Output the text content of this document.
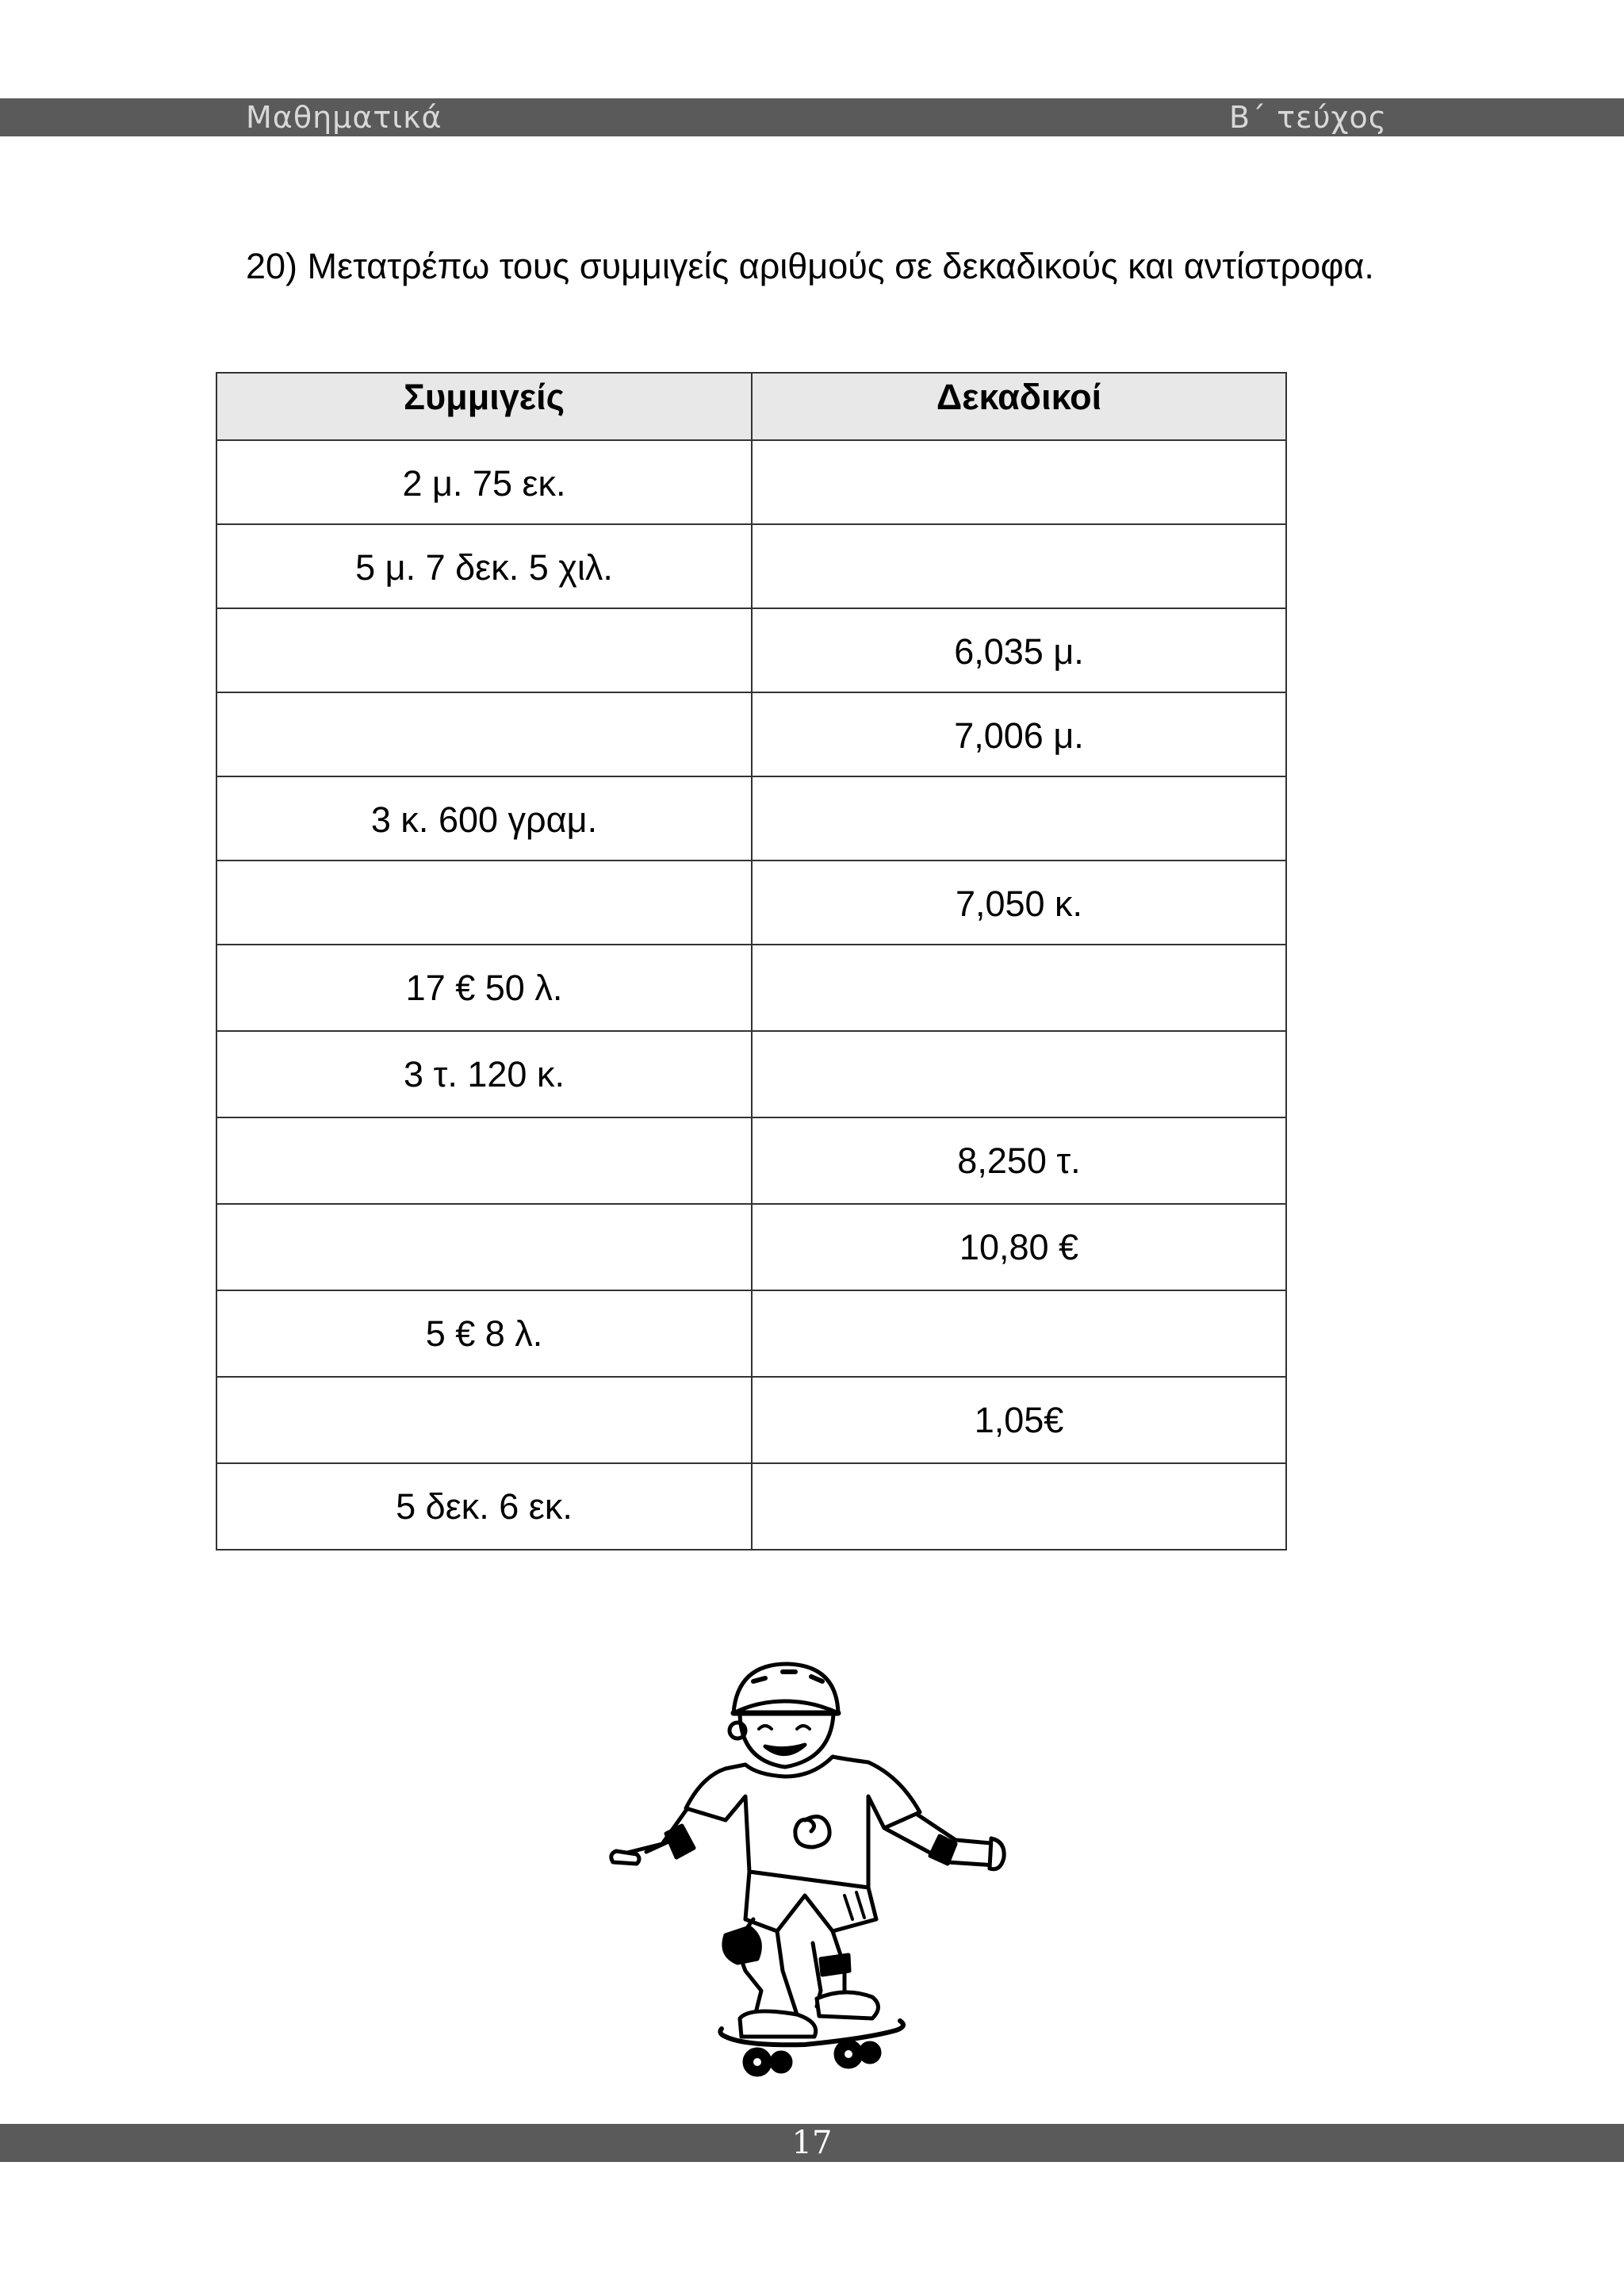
Μαθηματικά	Β΄ τεύχος
20) Μετατρέπω τους συμμιγείς αριθμούς σε δεκαδικούς και αντίστροφα.
Συμμιγείς	Δεκαδικοί
2 μ. 75 εκ.	
5 μ. 7 δεκ. 5 χιλ.	
	6,035 μ.
	7,006 μ.
3 κ. 600 γραμ.	
	7,050 κ.
17 € 50 λ.	
3 τ. 120 κ.	
	8,250 τ.
	10,80 €
5 € 8 λ.	
	1,05€
5 δεκ. 6 εκ.	
17
